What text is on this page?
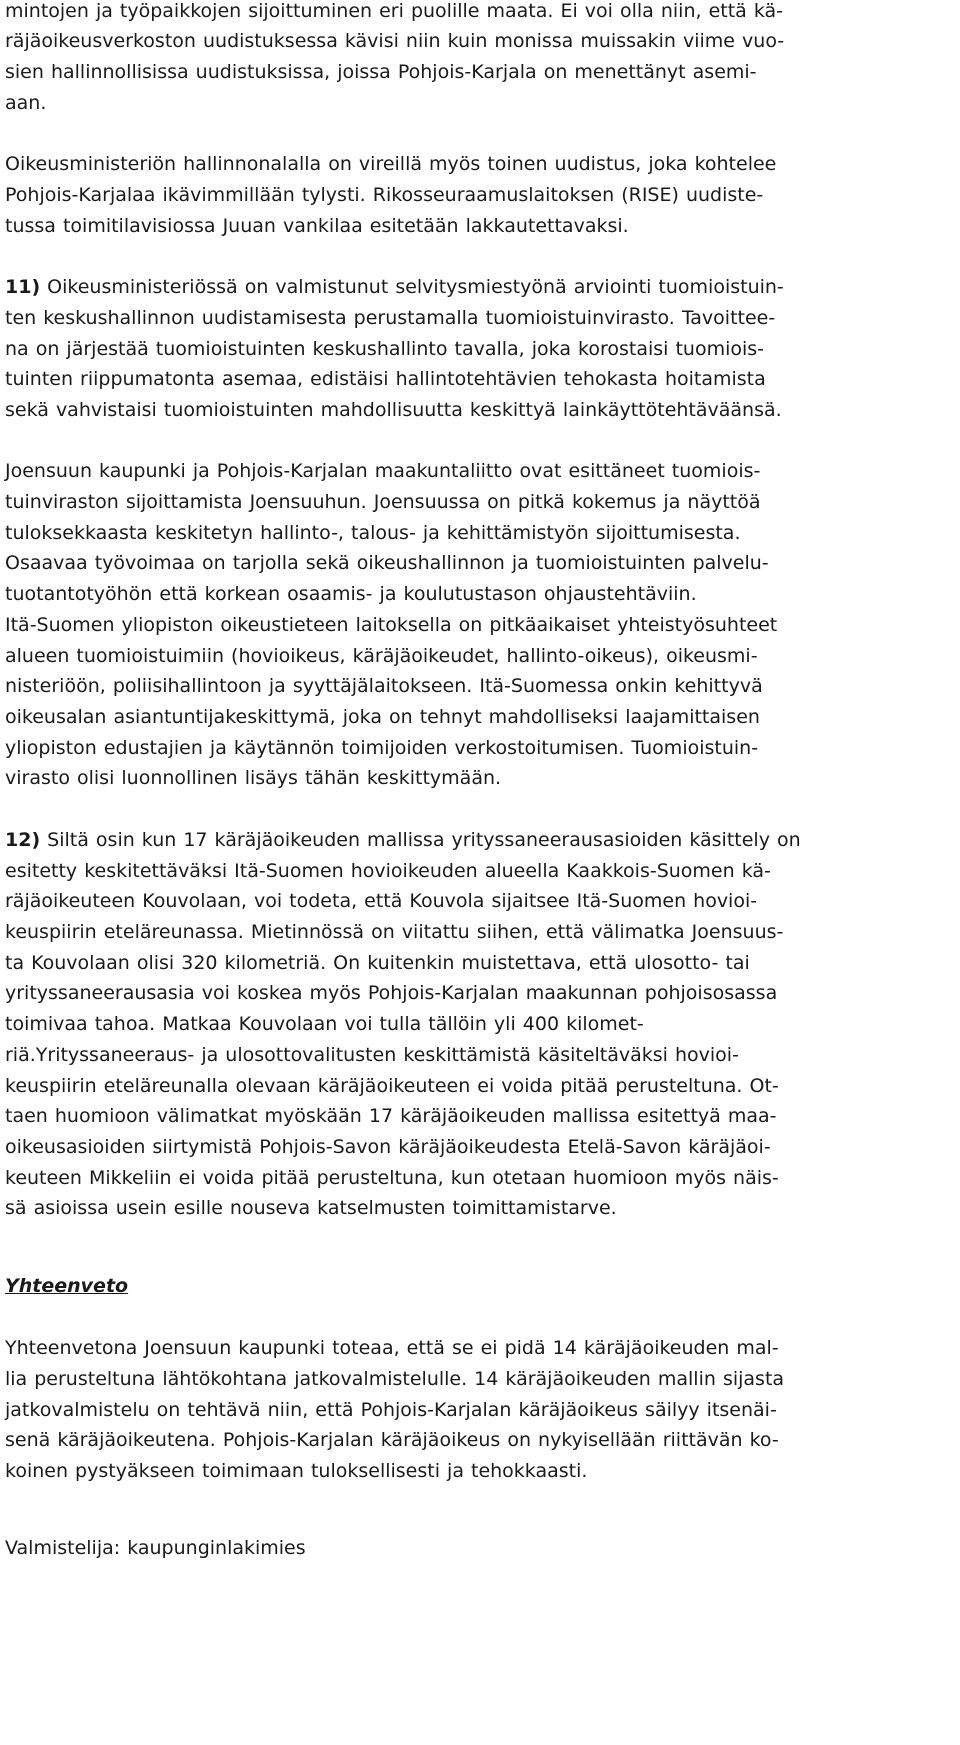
mintojen ja työpaikkojen sijoittuminen eri puolille maata. Ei voi olla niin, että kä-
räjäoikeusverkoston uudistuksessa kävisi niin kuin monissa muissakin viime vuo-
sien hallinnollisissa uudistuksissa, joissa Pohjois-Karjala on menettänyt asemi-
aan.
Oikeusministeriön hallinnonalalla on vireillä myös toinen uudistus, joka kohtelee
Pohjois-Karjalaa ikävimmillään tylysti. Rikosseuraamuslaitoksen (RISE) uudiste-
tussa toimitilavisiossa Juuan vankilaa esitetään lakkautettavaksi.
11) Oikeusministeriössä on valmistunut selvitysmiestyönä arviointi tuomioistuin-
ten keskushallinnon uudistamisesta perustamalla tuomioistuinvirasto. Tavoittee-
na on järjestää tuomioistuinten keskushallinto tavalla, joka korostaisi tuomiois-
tuinten riippumatonta asemaa, edistäisi hallintotehtävien tehokasta hoitamista
sekä vahvistaisi tuomioistuinten mahdollisuutta keskittyä lainkäyttötehtäväänsä.
Joensuun kaupunki ja Pohjois-Karjalan maakuntaliitto ovat esittäneet tuomiois-
tuinviraston sijoittamista Joensuuhun. Joensuussa on pitkä kokemus ja näyttöä
tuloksekkaasta keskitetyn hallinto-, talous- ja kehittämistyön sijoittumisesta.
Osaavaa työvoimaa on tarjolla sekä oikeushallinnon ja tuomioistuinten palvelu-
tuotantotyöhön että korkean osaamis- ja koulutustason ohjaustehtäviin.
Itä-Suomen yliopiston oikeustieteen laitoksella on pitkäaikaiset yhteistyösuhteet
alueen tuomioistuimiin (hovioikeus, käräjäoikeudet, hallinto-oikeus), oikeusmi-
nisteriöön, poliisihallintoon ja syyttäjälaitokseen. Itä-Suomessa onkin kehittyvä
oikeusalan asiantuntijakeskittymä, joka on tehnyt mahdolliseksi laajamittaisen
yliopiston edustajien ja käytännön toimijoiden verkostoitumisen. Tuomioistuin-
virasto olisi luonnollinen lisäys tähän keskittymään.
12) Siltä osin kun 17 käräjäoikeuden mallissa yrityssaneerausasioiden käsittely on
esitetty keskitettäväksi Itä-Suomen hovioikeuden alueella Kaakkois-Suomen kä-
räjäoikeuteen Kouvolaan, voi todeta, että Kouvola sijaitsee Itä-Suomen hovioi-
keuspiirin eteläreunassa. Mietinnössä on viitattu siihen, että välimatka Joensuus-
ta Kouvolaan olisi 320 kilometriä. On kuitenkin muistettava, että ulosotto- tai
yrityssaneerausasia voi koskea myös Pohjois-Karjalan maakunnan pohjoisosassa
toimivaa tahoa. Matkaa Kouvolaan voi tulla tällöin yli 400 kilomet-
riä.Yrityssaneeraus- ja ulosottovalitusten keskittämistä käsiteltäväksi hovioi-
keuspiirin eteläreunalla olevaan käräjäoikeuteen ei voida pitää perusteltuna. Ot-
taen huomioon välimatkat myöskään 17 käräjäoikeuden mallissa esitettyä maa-
oikeusasioiden siirtymistä Pohjois-Savon käräjäoikeudesta Etelä-Savon käräjäoi-
keuteen Mikkeliin ei voida pitää perusteltuna, kun otetaan huomioon myös näis-
sä asioissa usein esille nouseva katselmusten toimittamistarve.
Yhteenveto
Yhteenvetona Joensuun kaupunki toteaa, että se ei pidä 14 käräjäoikeuden mal-
lia perusteltuna lähtökohtana jatkovalmistelulle. 14 käräjäoikeuden mallin sijasta
jatkovalmistelu on tehtävä niin, että Pohjois-Karjalan käräjäoikeus säilyy itsenäi-
senä käräjäoikeutena. Pohjois-Karjalan käräjäoikeus on nykyisellään riittävän ko-
koinen pystyäkseen toimimaan tuloksellisesti ja tehokkaasti.
Valmistelija: kaupunginlakimies
